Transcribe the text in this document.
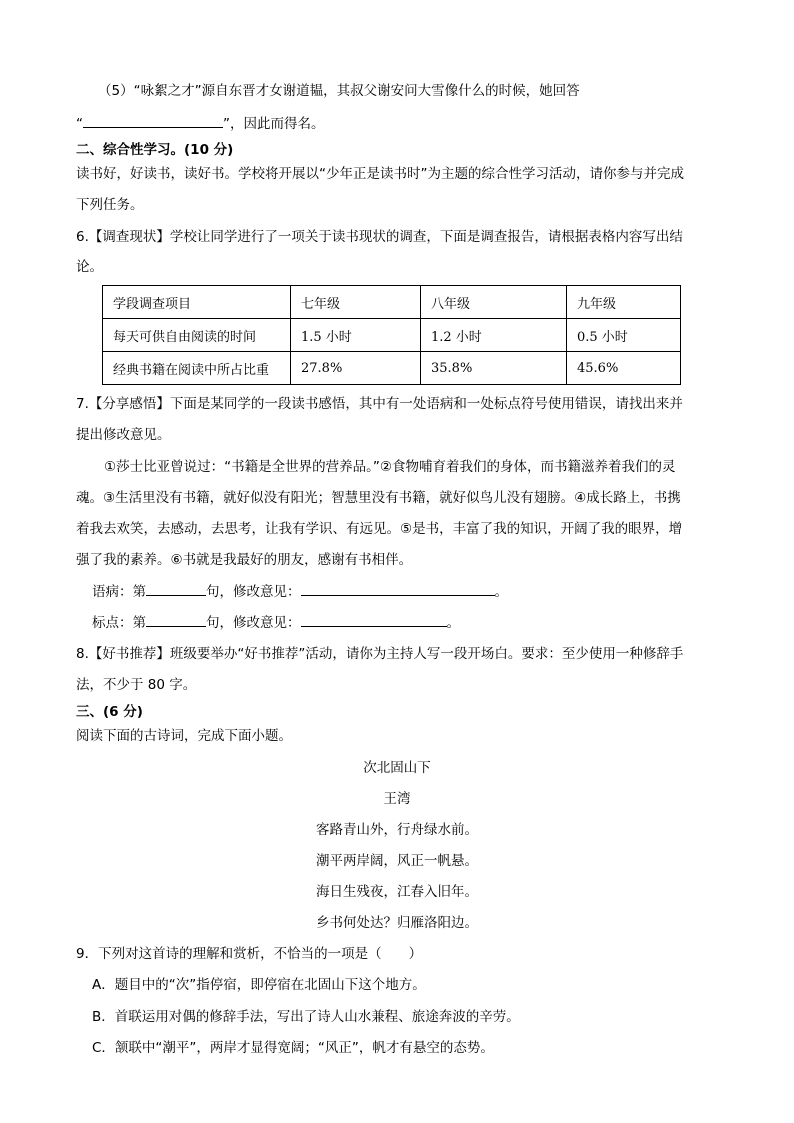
（5）“咏絮之才”源自东晋才女谢道韫，其叔父谢安问大雪像什么的时候，她回答
“	”，因此而得名。
二、综合性学习。(10 分)
读书好，好读书，读好书。学校将开展以“少年正是读书时”为主题的综合性学习活动，请你参与并完成
下列任务。
6.【调查现状】学校让同学进行了一项关于读书现状的调查，下面是调查报告，请根据表格内容写出结
论。
学段调查项目	七年级	八年级	九年级
每天可供自由阅读的时间	1.5 小时	1.2 小时	0.5 小时
经典书籍在阅读中所占比重	27.8%	35.8%	45.6%
7.【分享感悟】下面是某同学的一段读书感悟，其中有一处语病和一处标点符号使用错误，请找出来并
提出修改意见。
①莎士比亚曾说过：“书籍是全世界的营养品。”②食物哺育着我们的身体，而书籍滋养着我们的灵
魂。③生活里没有书籍，就好似没有阳光；智慧里没有书籍，就好似鸟儿没有翅膀。④成长路上，书携
着我去欢笑，去感动，去思考，让我有学识、有远见。⑤是书，丰富了我的知识，开阔了我的眼界，增
强了我的素养。⑥书就是我最好的朋友，感谢有书相伴。
语病：第	句，修改意见：	。
标点：第	句，修改意见：	。
8.【好书推荐】班级要举办“好书推荐”活动，请你为主持人写一段开场白。要求：至少使用一种修辞手
法，不少于 80 字。
三、(6 分)
阅读下面的古诗词，完成下面小题。
次北固山下
王湾
客路青山外，行舟绿水前。
潮平两岸阔，风正一帆悬。
海日生残夜，江春入旧年。
乡书何处达？归雁洛阳边。
9．下列对这首诗的理解和赏析，不恰当的一项是（　　）
A．题目中的“次”指停宿，即停宿在北固山下这个地方。
B．首联运用对偶的修辞手法，写出了诗人山水兼程、旅途奔波的辛劳。
C．颔联中“潮平”，两岸才显得宽阔；“风正”，帆才有悬空的态势。
